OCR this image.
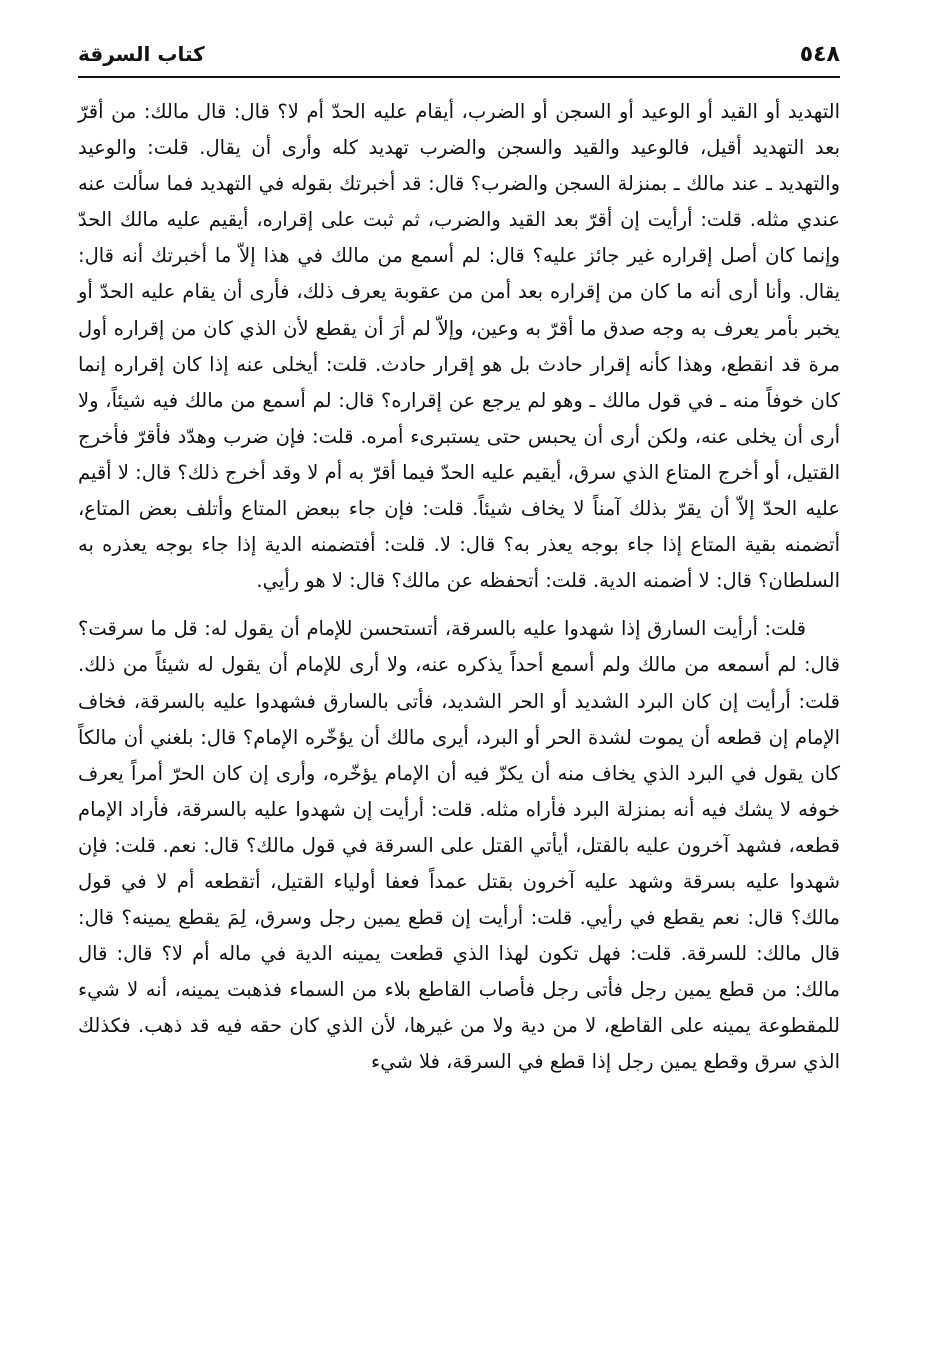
٥٤٨
كتاب السرقة

التهديد أو القيد أو الوعيد أو السجن أو الضرب، أيقام عليه الحدّ أم لا؟ قال: قال مالك: من أقرّ بعد التهديد أقيل، فالوعيد والقيد والسجن والضرب تهديد كله وأرى أن يقال. قلت: والوعيد والتهديد ـ عند مالك ـ بمنزلة السجن والضرب؟ قال: قد أخبرتك بقوله في التهديد فما سألت عنه عندي مثله. قلت: أرأيت إن أقرّ بعد القيد والضرب، ثم ثبت على إقراره، أيقيم عليه مالك الحدّ وإنما كان أصل إقراره غير جائز عليه؟ قال: لم أسمع من مالك في هذا إلاّ ما أخبرتك أنه قال: يقال. وأنا أرى أنه ما كان من إقراره بعد أمن من عقوبة يعرف ذلك، فأرى أن يقام عليه الحدّ أو يخبر بأمر يعرف به وجه صدق ما أقرّ به وعين، وإلاّ لم أرَ أن يقطع لأن الذي كان من إقراره أول مرة قد انقطع، وهذا كأنه إقرار حادث بل هو إقرار حادث. قلت: أيخلى عنه إذا كان إقراره إنما كان خوفاً منه ـ في قول مالك ـ وهو لم يرجع عن إقراره؟ قال: لم أسمع من مالك فيه شيئاً، ولا أرى أن يخلى عنه، ولكن أرى أن يحبس حتى يستبرىء أمره. قلت: فإن ضرب وهدّد فأقرّ فأخرج القتيل، أو أخرج المتاع الذي سرق، أيقيم عليه الحدّ فيما أقرّ به أم لا وقد أخرج ذلك؟ قال: لا أقيم عليه الحدّ إلاّ أن يقرّ بذلك آمناً لا يخاف شيئاً. قلت: فإن جاء ببعض المتاع وأتلف بعض المتاع، أتضمنه بقية المتاع إذا جاء بوجه يعذر به؟ قال: لا. قلت: أفتضمنه الدية إذا جاء بوجه يعذره به السلطان؟ قال: لا أضمنه الدية. قلت: أتحفظه عن مالك؟ قال: لا هو رأيي.

قلت: أرأيت السارق إذا شهدوا عليه بالسرقة، أتستحسن للإمام أن يقول له: قل ما سرقت؟ قال: لم أسمعه من مالك ولم أسمع أحداً يذكره عنه، ولا أرى للإمام أن يقول له شيئاً من ذلك. قلت: أرأيت إن كان البرد الشديد أو الحر الشديد، فأتى بالسارق فشهدوا عليه بالسرقة، فخاف الإمام إن قطعه أن يموت لشدة الحر أو البرد، أيرى مالك أن يؤخّره الإمام؟ قال: بلغني أن مالكاً كان يقول في البرد الذي يخاف منه أن يكزّ فيه أن الإمام يؤخّره، وأرى إن كان الحرّ أمراً يعرف خوفه لا يشك فيه أنه بمنزلة البرد فأراه مثله. قلت: أرأيت إن شهدوا عليه بالسرقة، فأراد الإمام قطعه، فشهد آخرون عليه بالقتل، أيأتي القتل على السرقة في قول مالك؟ قال: نعم. قلت: فإن شهدوا عليه بسرقة وشهد عليه آخرون بقتل عمداً فعفا أولياء القتيل، أتقطعه أم لا في قول مالك؟ قال: نعم يقطع في رأيي. قلت: أرأيت إن قطع يمين رجل وسرق، لِمَ يقطع يمينه؟ قال: قال مالك: للسرقة. قلت: فهل تكون لهذا الذي قطعت يمينه الدية في ماله أم لا؟ قال: قال مالك: من قطع يمين رجل فأتى رجل فأصاب القاطع بلاء من السماء فذهبت يمينه، أنه لا شيء للمقطوعة يمينه على القاطع، لا من دية ولا من غيرها، لأن الذي كان حقه فيه قد ذهب. فكذلك الذي سرق وقطع يمين رجل إذا قطع في السرقة، فلا شيء
